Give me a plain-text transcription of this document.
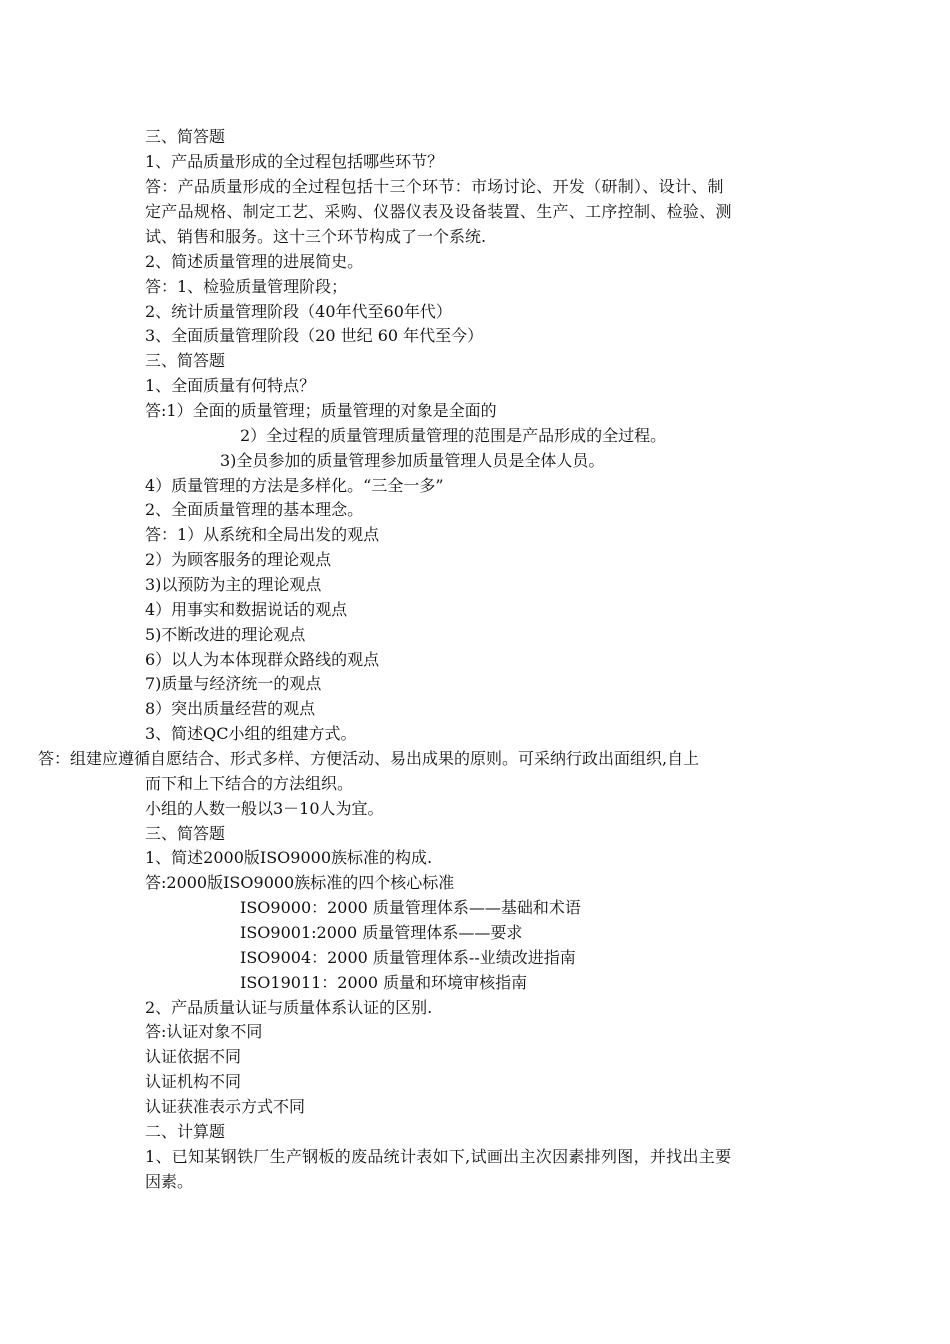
三、简答题
1、产品质量形成的全过程包括哪些环节？
答：产品质量形成的全过程包括十三个环节：市场讨论、开发（研制）、设计、制
定产品规格、制定工艺、采购、仪器仪表及设备装置、生产、工序控制、检验、测
试、销售和服务。这十三个环节构成了一个系统.
2、简述质量管理的进展简史。
答：1、检验质量管理阶段；
2、统计质量管理阶段（40年代至60年代）
3、全面质量管理阶段（20 世纪 60 年代至今）
三、简答题
1、全面质量有何特点？
答:1）全面的质量管理；质量管理的对象是全面的
2）全过程的质量管理质量管理的范围是产品形成的全过程。
3)全员参加的质量管理参加质量管理人员是全体人员。
4）质量管理的方法是多样化。“三全一多”
2、全面质量管理的基本理念。
答：1）从系统和全局出发的观点
2）为顾客服务的理论观点
3)以预防为主的理论观点
4）用事实和数据说话的观点
5)不断改进的理论观点
6）以人为本体现群众路线的观点
7)质量与经济统一的观点
8）突出质量经营的观点
3、简述QC小组的组建方式。
答：组建应遵循自愿结合、形式多样、方便活动、易出成果的原则。可采纳行政出面组织,自上
而下和上下结合的方法组织。
小组的人数一般以3－10人为宜。
三、简答题
1、简述2000版ISO9000族标准的构成.
答:2000版ISO9000族标准的四个核心标准
ISO9000：2000 质量管理体系——基础和术语
ISO9001:2000 质量管理体系——要求
ISO9004：2000 质量管理体系--业绩改进指南
ISO19011：2000 质量和环境审核指南
2、产品质量认证与质量体系认证的区别.
答:认证对象不同
认证依据不同
认证机构不同
认证获准表示方式不同
二、计算题
1、已知某钢铁厂生产钢板的废品统计表如下,试画出主次因素排列图，并找出主要
因素。
